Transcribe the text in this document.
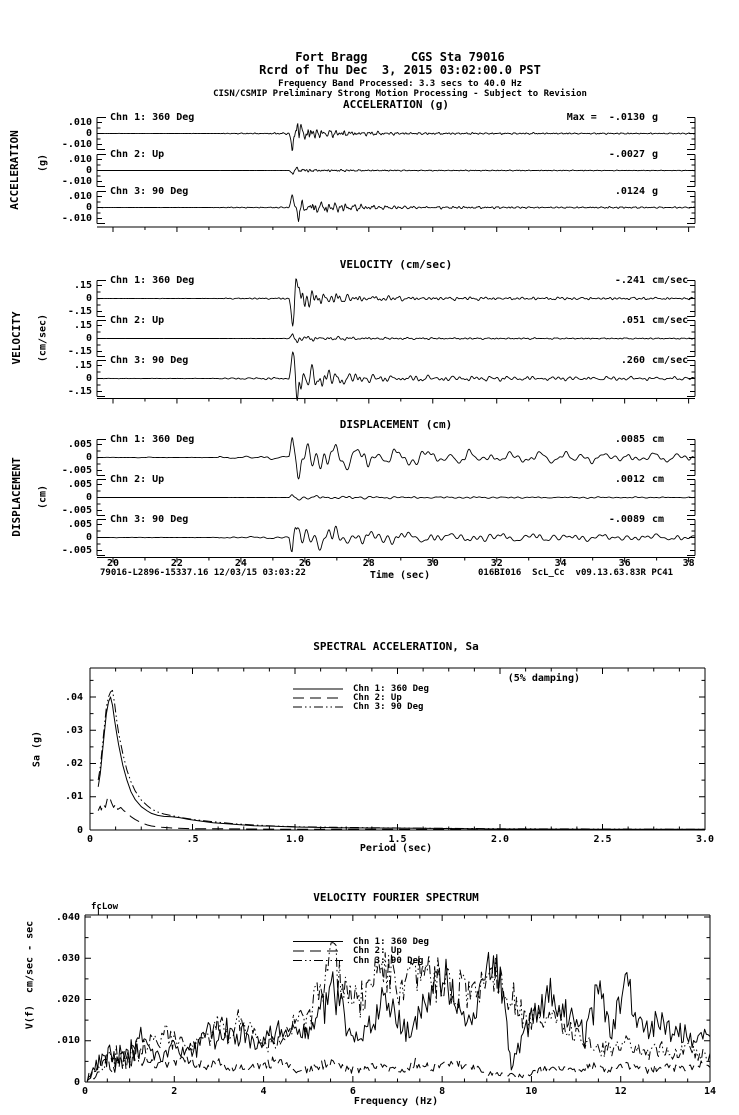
Fort Bragg      CGS Sta 79016
Rcrd of Thu Dec  3, 2015 03:02:00.0 PST
Frequency Band Processed: 3.3 secs to 40.0 Hz
CISN/CSMIP Preliminary Strong Motion Processing - Subject to Revision
ACCELERATION (g)
VELOCITY (cm/sec)
DISPLACEMENT (cm)
ACCELERATION (g)
VELOCITY (cm/sec)
DISPLACEMENT (cm)
Time (sec)
79016-L2896-15337.16 12/03/15 03:03:22	016BI016  ScL_Cc  v09.13.63.83R PC41
SPECTRAL ACCELERATION, Sa
(5% damping)
Sa (g)
Period (sec)
VELOCITY FOURIER SPECTRUM
fcLow
V(f)  cm/sec - sec
Frequency (Hz)
Chn 1: 360 Deg	Max =  -.0130 g
.010
0
-.010
Chn 2: Up	-.0027 g
.010
0
-.010
Chn 3: 90 Deg	.0124 g
.010
0
-.010
Chn 1: 360 Deg	-.241 cm/sec
.15
0
-.15
Chn 2: Up	.051 cm/sec
.15
0
-.15
Chn 3: 90 Deg	.260 cm/sec
.15
0
-.15
Chn 1: 360 Deg	.0085 cm
.005
0
-.005
Chn 2: Up	.0012 cm
.005
0
-.005
Chn 3: 90 Deg	-.0089 cm
.005
0
-.005
20	22	24	26	28	30	32	34	36	38
.04
.03
.02
.01
0
0	.5	1.0	1.5	2.0	2.5	3.0
Chn 1: 360 Deg
Chn 2: Up
Chn 3: 90 Deg
.040
.030
.020
.010
0
0	2	4	6	8	10	12	14
Chn 1: 360 Deg
Chn 2: Up
Chn 3: 90 Deg
